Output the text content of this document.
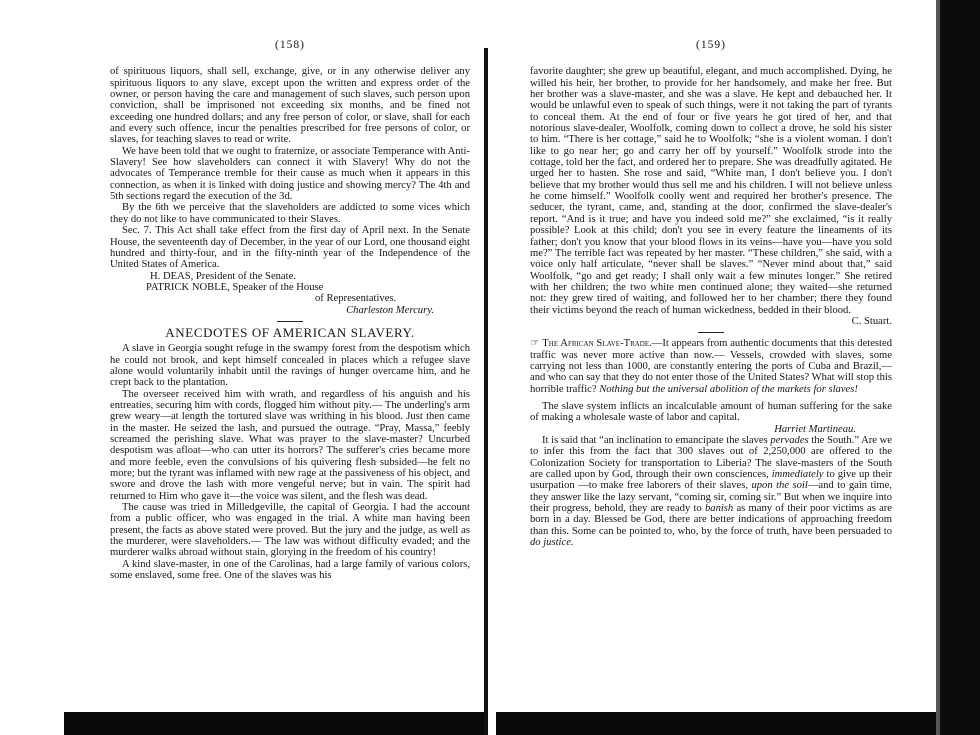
(158)

of spirituous liquors, shall sell, exchange, give, or in any otherwise deliver any spirituous liquors to any slave, except upon the written and express order of the owner, or person having the care and management of such slaves, such person upon conviction, shall be imprisoned not exceeding six months, and be fined not exceeding one hundred dollars; and any free person of color, or slave, shall for each and every such offence, incur the penalties prescribed for free persons of color, or slaves, for teaching slaves to read or write.

We have been told that we ought to fraternize, or associate Temperance with Anti-Slavery! See how slaveholders can connect it with Slavery! Why do not the advocates of Temperance tremble for their cause as much when it appears in this connection, as when it is linked with doing justice and showing mercy? The 4th and 5th sections regard the execution of the 3d.

By the 6th we perceive that the slaveholders are addicted to some vices which they do not like to have communicated to their Slaves.

Sec. 7. This Act shall take effect from the first day of April next. In the Senate House, the seventeenth day of December, in the year of our Lord, one thousand eight hundred and thirty-four, and in the fifty-ninth year of the Independence of the United States of America.

H. DEAS, President of the Senate.

PATRICK NOBLE, Speaker of the House

of Representatives.

Charleston Mercury.

ANECDOTES OF AMERICAN SLAVERY.

A slave in Georgia sought refuge in the swampy forest from the despotism which he could not brook, and kept himself concealed in places which a refugee slave alone would voluntarily inhabit until the ravings of hunger overcame him, and he crept back to the plantation.

The overseer received him with wrath, and regardless of his anguish and his entreaties, securing him with cords, flogged him without pity.— The underling's arm grew weary—at length the tortured slave was writhing in his blood. Just then came in the master. He seized the lash, and pursued the outrage. “Pray, Massa,” feebly screamed the perishing slave. What was prayer to the slave-master? Uncurbed despotism was afloat—who can utter its horrors? The sufferer's cries became more and more feeble, even the convulsions of his quivering flesh subsided—he felt no more; but the tyrant was inflamed with new rage at the passiveness of his object, and swore and drove the lash with more vengeful nerve; but in vain. The spirit had returned to Him who gave it—the voice was silent, and the flesh was dead.

The cause was tried in Milledgeville, the capital of Georgia. I had the account from a public officer, who was engaged in the trial. A white man having been present, the facts as above stated were proved. But the jury and the judge, as well as the murderer, were slaveholders.— The law was without difficulty evaded; and the murderer walks abroad without stain, glorying in the freedom of his country!

A kind slave-master, in one of the Carolinas, had a large family of various colors, some enslaved, some free. One of the slaves was his

(159)

favorite daughter; she grew up beautiful, elegant, and much accomplished. Dying, he willed his heir, her brother, to provide for her handsomely, and make her free. But her brother was a slave-master, and she was a slave. He kept and debauched her. It would be unlawful even to speak of such things, were it not taking the part of tyrants to conceal them. At the end of four or five years he got tired of her, and that notorious slave-dealer, Woolfolk, coming down to collect a drove, he sold his sister to him. “There is her cottage,” said he to Woolfolk; “she is a violent woman. I don't like to go near her; go and carry her off by yourself.” Woolfolk strode into the cottage, told her the fact, and ordered her to prepare. She was dreadfully agitated. He urged her to hasten. She rose and said, “White man, I don't believe you. I don't believe that my brother would thus sell me and his children. I will not believe unless he come himself.” Woolfolk coolly went and required her brother's presence. The seducer, the tyrant, came, and, standing at the door, confirmed the slave-dealer's report. “And is it true; and have you indeed sold me?” she exclaimed, “is it really possible? Look at this child; don't you see in every feature the lineaments of its father; don't you know that your blood flows in its veins—have you—have you sold me?” The terrible fact was repeated by her master. “These children,” she said, with a voice only half articulate, “never shall be slaves.” “Never mind about that,” said Woolfolk, “go and get ready; I shall only wait a few minutes longer.” She retired with her children; the two white men continued alone; they waited—she returned not: they grew tired of waiting, and followed her to her chamber; there they found their victims beyond the reach of human wickedness, bedded in their blood.

C. Stuart.

☞ The African Slave-Trade.—It appears from authentic documents that this detested traffic was never more active than now.— Vessels, crowded with slaves, some carrying not less than 1000, are constantly entering the ports of Cuba and Brazil,—and who can say that they do not enter those of the United States? What will stop this horrible traffic? Nothing but the universal abolition of the markets for slaves!

The slave system inflicts an incalculable amount of human suffering for the sake of making a wholesale waste of labor and capital.

Harriet Martineau.

It is said that “an inclination to emancipate the slaves pervades the South.” Are we to infer this from the fact that 300 slaves out of 2,250,000 are offered to the Colonization Society for transportation to Liberia? The slave-masters of the South are called upon by God, through their own consciences, immediately to give up their usurpation —to make free laborers of their slaves, upon the soil—and to gain time, they answer like the lazy servant, “coming sir, coming sir.” But when we inquire into their progress, behold, they are ready to banish as many of their poor victims as are born in a day. Blessed be God, there are better indications of approaching freedom than this. Some can be pointed to, who, by the force of truth, have been persuaded to do justice.
